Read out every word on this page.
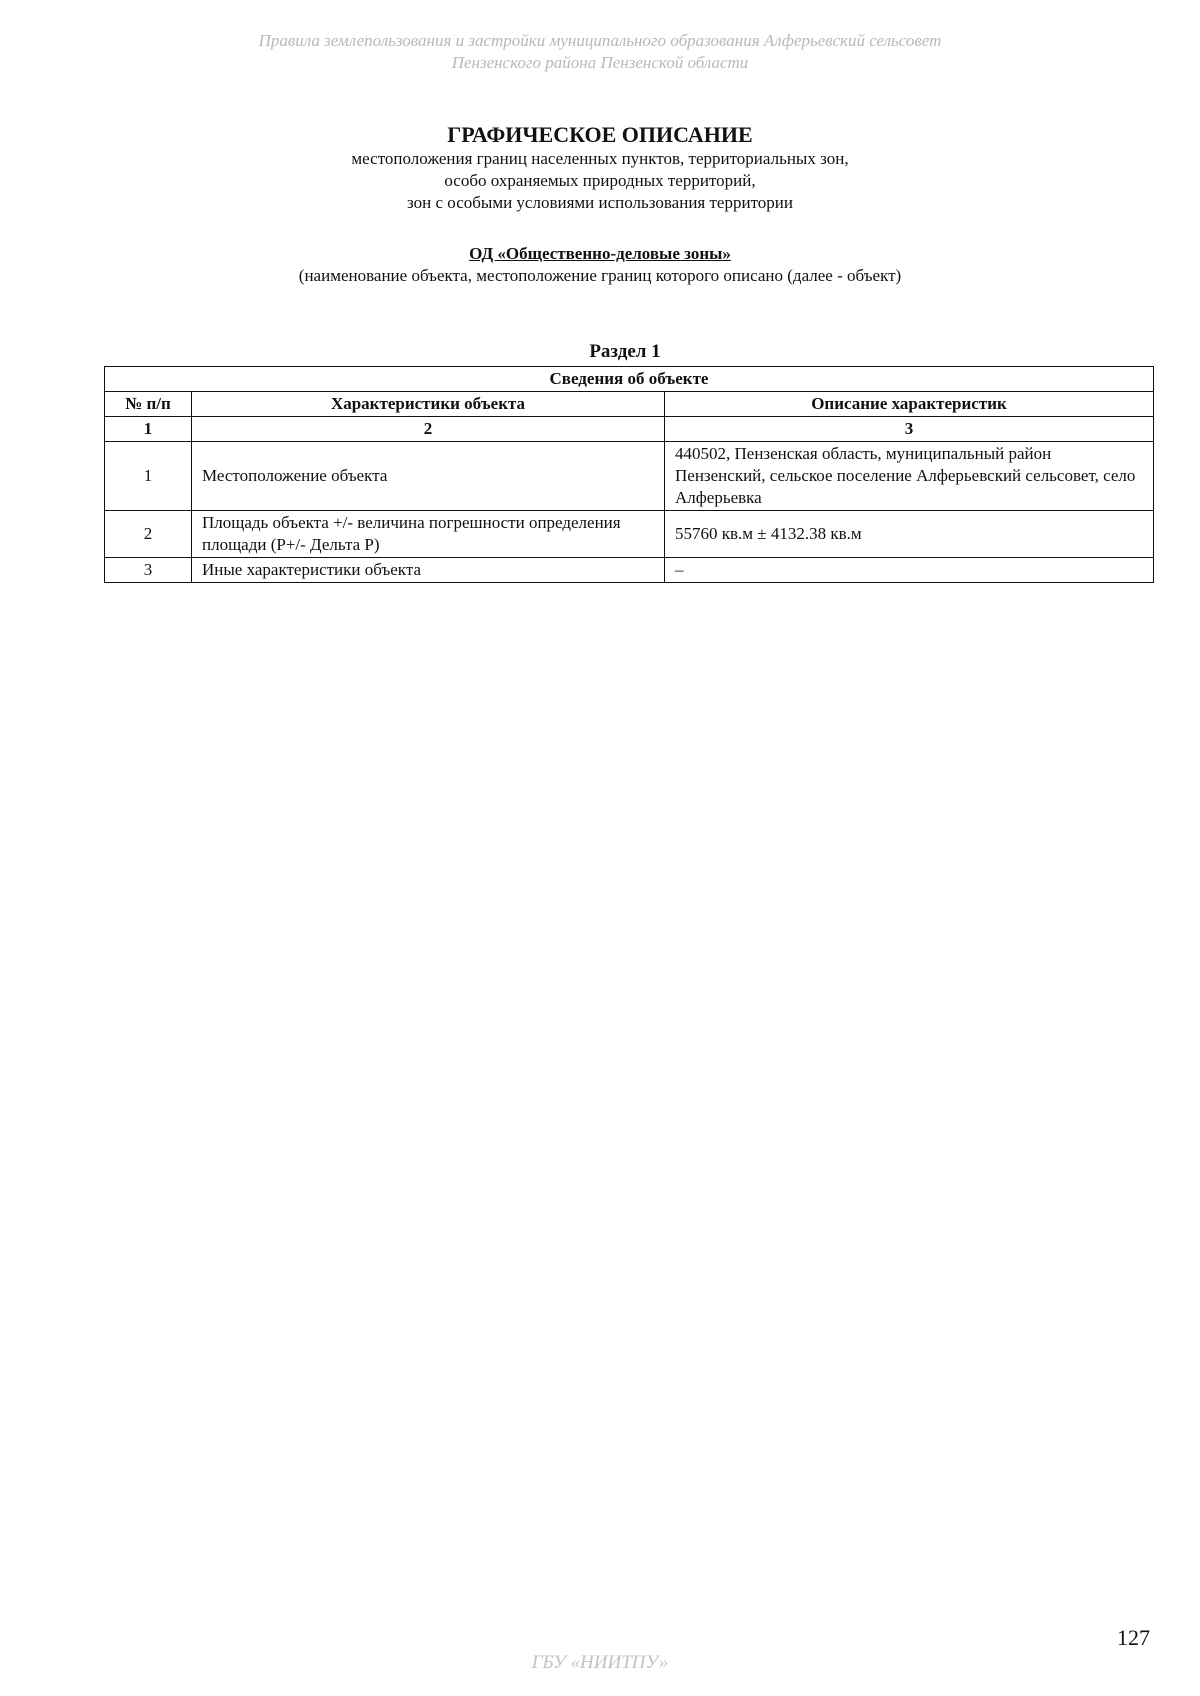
Правила землепользования и застройки муниципального образования Алферьевский сельсовет
Пензенского района Пензенской области
ГРАФИЧЕСКОЕ ОПИСАНИЕ
местоположения границ населенных пунктов, территориальных зон,
особо охраняемых природных территорий,
зон с особыми условиями использования территории
ОД «Общественно-деловые зоны»
(наименование объекта, местоположение границ которого описано (далее - объект)
Раздел 1
Сведения об объекте		
№ п/п	Характеристики объекта	Описание характеристик
1	2	3
1	Местоположение объекта	440502, Пензенская область, муниципальный район Пензенский, сельское поселение Алферьевский сельсовет, село Алферьевка
2	Площадь объекта +/- величина погрешности определения площади (P+/- Дельта P)	55760 кв.м ± 4132.38 кв.м
3	Иные характеристики объекта	–
127
ГБУ «НИИТПУ»
